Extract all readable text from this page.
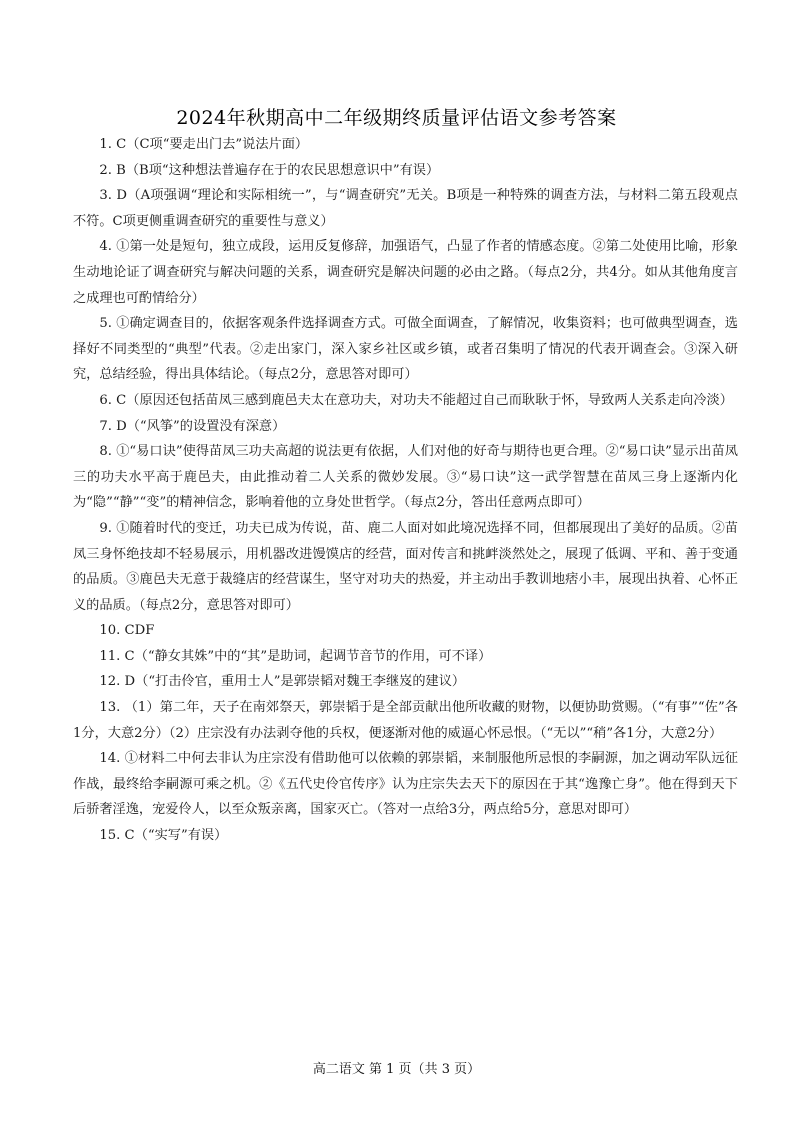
2024年秋期高中二年级期终质量评估语文参考答案

1. C（C项“要走出门去”说法片面）

2. B（B项“这种想法普遍存在于的农民思想意识中”有误）

3. D（A项强调“理论和实际相统一”，与“调查研究”无关。B项是一种特殊的调查方法，与材料二第五段观点不符。C项更侧重调查研究的重要性与意义）

4. ①第一处是短句，独立成段，运用反复修辞，加强语气，凸显了作者的情感态度。②第二处使用比喻，形象生动地论证了调查研究与解决问题的关系，调查研究是解决问题的必由之路。（每点2分，共4分。如从其他角度言之成理也可酌情给分）

5. ①确定调查目的，依据客观条件选择调查方式。可做全面调查，了解情况，收集资料；也可做典型调查，选择好不同类型的“典型”代表。②走出家门，深入家乡社区或乡镇，或者召集明了情况的代表开调查会。③深入研究，总结经验，得出具体结论。（每点2分，意思答对即可）

6. C（原因还包括苗凤三感到鹿邑夫太在意功夫，对功夫不能超过自己而耿耿于怀，导致两人关系走向冷淡）

7. D（“风筝”的设置没有深意）

8. ①“易口诀”使得苗凤三功夫高超的说法更有依据，人们对他的好奇与期待也更合理。②“易口诀”显示出苗凤三的功夫水平高于鹿邑夫，由此推动着二人关系的微妙发展。③“易口诀”这一武学智慧在苗凤三身上逐渐内化为“隐”“静”“变”的精神信念，影响着他的立身处世哲学。（每点2分，答出任意两点即可）

9. ①随着时代的变迁，功夫已成为传说，苗、鹿二人面对如此境况选择不同，但都展现出了美好的品质。②苗凤三身怀绝技却不轻易展示，用机器改进馒馍店的经营，面对传言和挑衅淡然处之，展现了低调、平和、善于变通的品质。③鹿邑夫无意于裁缝店的经营谋生，坚守对功夫的热爱，并主动出手教训地痞小丰，展现出执着、心怀正义的品质。（每点2分，意思答对即可）

10. CDF

11. C（“静女其姝”中的“其”是助词，起调节音节的作用，可不译）

12. D（“打击伶官，重用士人”是郭崇韬对魏王李继岌的建议）

13. （1）第二年，天子在南郊祭天，郭崇韬于是全部贡献出他所收藏的财物，以便协助赏赐。（“有事”“佐”各1分，大意2分）（2）庄宗没有办法剥夺他的兵权，便逐渐对他的威逼心怀忌恨。（“无以”“稍”各1分，大意2分）

14. ①材料二中何去非认为庄宗没有借助他可以依赖的郭崇韬，来制服他所忌恨的李嗣源，加之调动军队远征作战，最终给李嗣源可乘之机。②《五代史伶官传序》认为庄宗失去天下的原因在于其“逸豫亡身”。他在得到天下后骄奢淫逸，宠爱伶人，以至众叛亲离，国家灭亡。（答对一点给3分，两点给5分，意思对即可）

15. C（“实写”有误）

高二语文 第 1 页（共 3 页）
